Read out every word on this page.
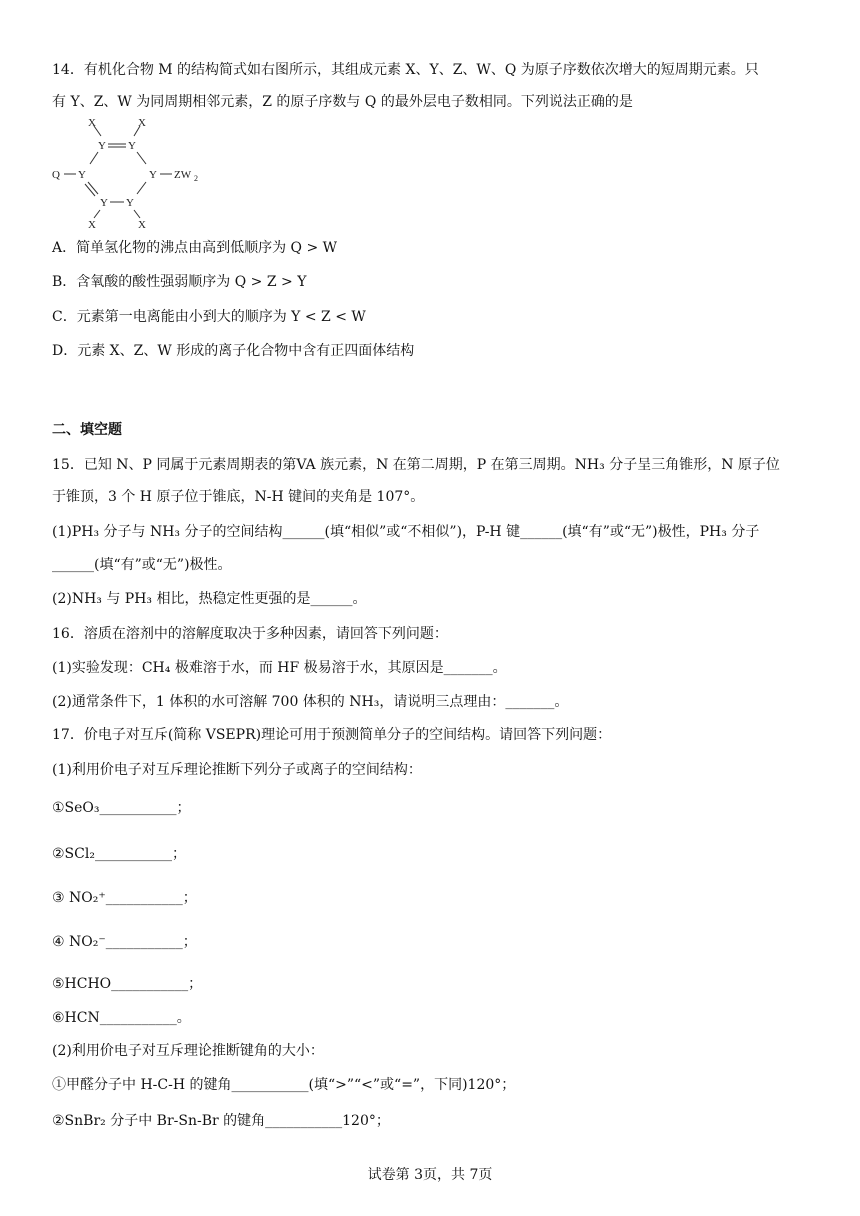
14．有机化合物 M 的结构简式如右图所示，其组成元素 X、Y、Z、W、Q 为原子序数依次增大的短周期元素。只
有 Y、Z、W 为同周期相邻元素，Z 的原子序数与 Q 的最外层电子数相同。下列说法正确的是
X	X
Y Y
Q Y	Y ZW 2
Y Y
X	X
A．简单氢化物的沸点由高到低顺序为 Q > W
B．含氧酸的酸性强弱顺序为 Q > Z > Y
C．元素第一电离能由小到大的顺序为 Y < Z < W
D．元素 X、Z、W 形成的离子化合物中含有正四面体结构
二、填空题
15．已知 N、P 同属于元素周期表的第VA 族元素，N 在第二周期，P 在第三周期。NH₃ 分子呈三角锥形，N 原子位
于锥顶，3 个 H 原子位于锥底，N-H 键间的夹角是 107°。
(1)PH₃ 分子与 NH₃ 分子的空间结构______(填“相似”或“不相似”)，P-H 键______(填“有”或“无”)极性，PH₃ 分子
______(填“有”或“无”)极性。
(2)NH₃ 与 PH₃ 相比，热稳定性更强的是______。
16．溶质在溶剂中的溶解度取决于多种因素，请回答下列问题：
(1)实验发现：CH₄ 极难溶于水，而 HF 极易溶于水，其原因是_______。
(2)通常条件下，1 体积的水可溶解 700 体积的 NH₃，请说明三点理由：_______。
17．价电子对互斥(简称 VSEPR)理论可用于预测简单分子的空间结构。请回答下列问题：
(1)利用价电子对互斥理论推断下列分子或离子的空间结构：
①SeO₃___________；
②SCl₂___________；
③ NO₂⁺___________；
④ NO₂⁻___________；
⑤HCHO___________；
⑥HCN___________。
(2)利用价电子对互斥理论推断键角的大小：
①甲醛分子中 H-C-H 的键角___________(填“>”“<”或“=”，下同)120°；
②SnBr₂ 分子中 Br-Sn-Br 的键角___________120°；
试卷第 3页，共 7页
